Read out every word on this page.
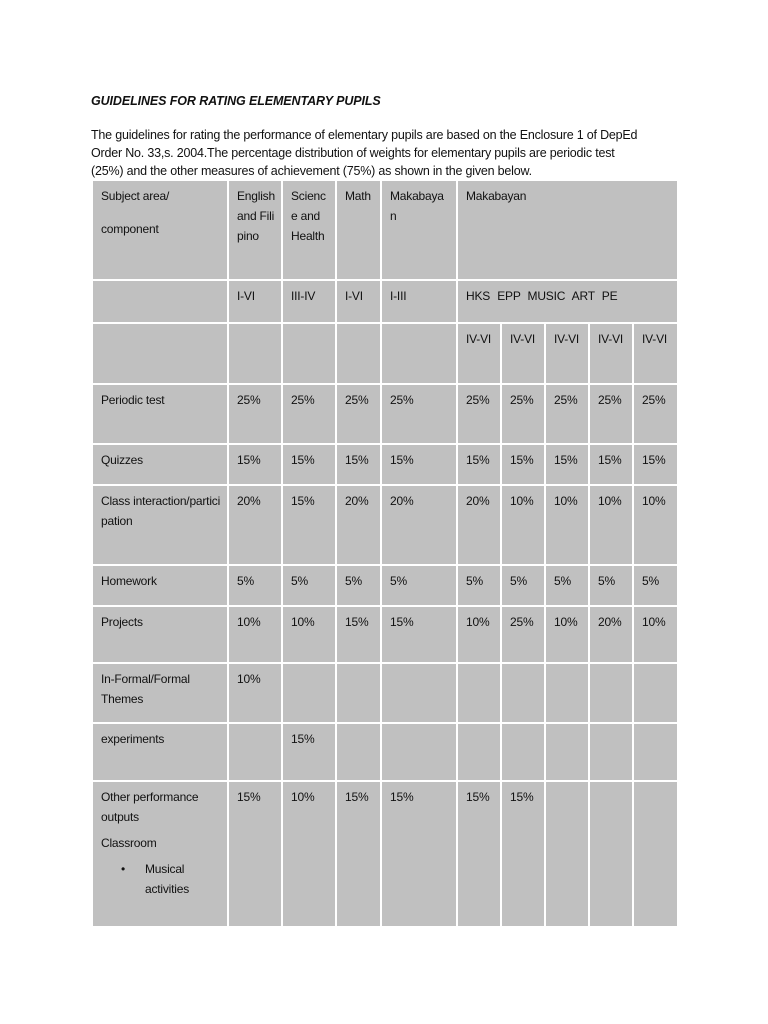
GUIDELINES FOR RATING ELEMENTARY PUPILS
The guidelines for rating the performance of elementary pupils are based on the Enclosure 1 of DepEd
Order No. 33,s. 2004.The percentage distribution of weights for elementary pupils are periodic test
(25%) and the other measures of achievement (75%) as shown in the given below.
Subject area/
component	English and Filipino	Science and Health	Math	Makabayan	Makabayan				
	I-VI	III-IV	I-VI	I-III	HKS EPP MUSIC ART PE				
					IV-VI	IV-VI	IV-VI	IV-VI	IV-VI
Periodic test	25%	25%	25%	25%	25%	25%	25%	25%	25%
Quizzes	15%	15%	15%	15%	15%	15%	15%	15%	15%
Class interaction/participation	20%	15%	20%	20%	20%	10%	10%	10%	10%
Homework	5%	5%	5%	5%	5%	5%	5%	5%	5%
Projects	10%	10%	15%	15%	10%	25%	10%	20%	10%
In-Formal/Formal Themes	10%								
experiments		15%							

Other performance outputs
Classroom
• Musical activities	15%	10%	15%	15%	15%	15%			
